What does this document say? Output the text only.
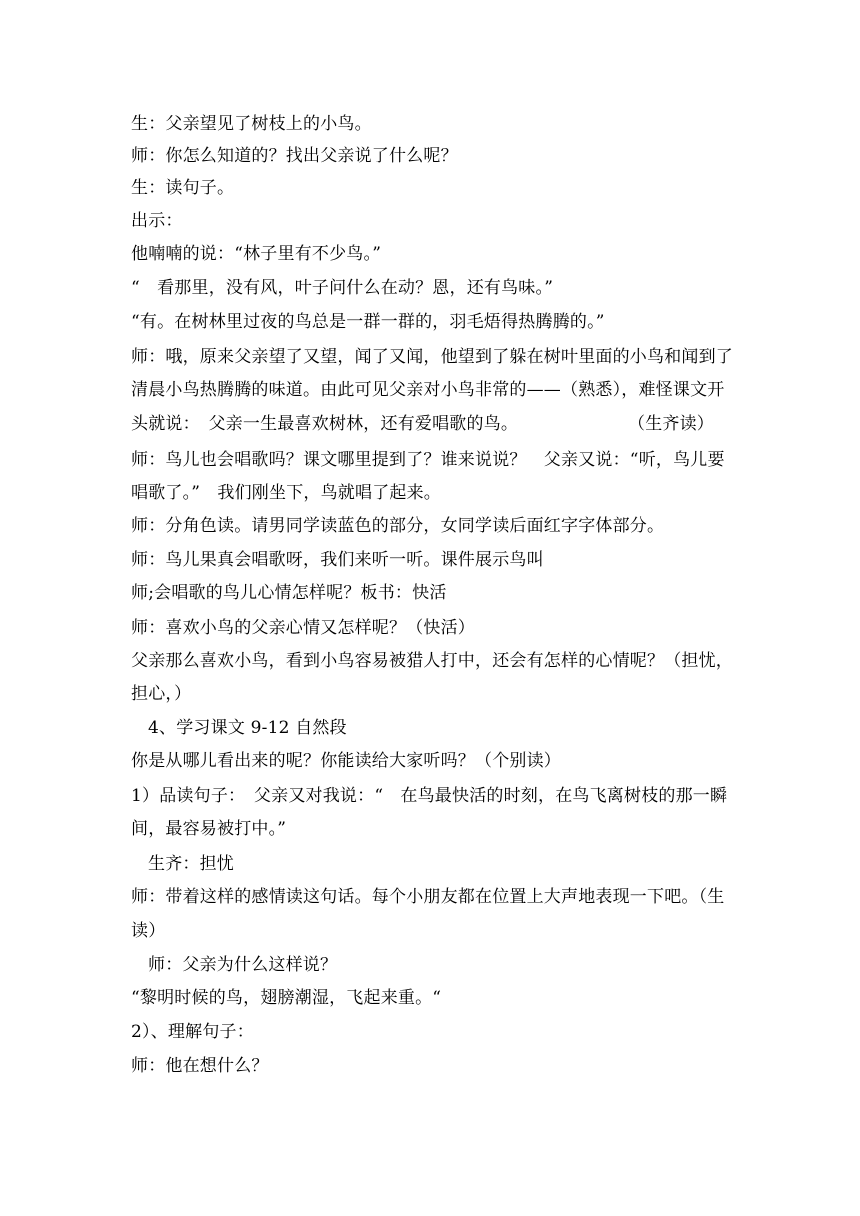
生：父亲望见了树枝上的小鸟。
师：你怎么知道的？找出父亲说了什么呢？
生：读句子。
出示：
他喃喃的说：“林子里有不少鸟。”
“　看那里，没有风，叶子问什么在动？恩，还有鸟味。”
“有。在树林里过夜的鸟总是一群一群的，羽毛焐得热腾腾的。”
师：哦，原来父亲望了又望，闻了又闻，他望到了躲在树叶里面的小鸟和闻到了
清晨小鸟热腾腾的味道。由此可见父亲对小鸟非常的——（熟悉），难怪课文开
头就说：　父亲一生最喜欢树林，还有爱唱歌的鸟。	（生齐读）
师：鸟儿也会唱歌吗？课文哪里提到了？谁来说说？　父亲又说：“听，鸟儿要
唱歌了。”　我们刚坐下，鸟就唱了起来。
师：分角色读。请男同学读蓝色的部分，女同学读后面红字字体部分。
师：鸟儿果真会唱歌呀，我们来听一听。课件展示鸟叫
师;会唱歌的鸟儿心情怎样呢？板书：快活
师：喜欢小鸟的父亲心情又怎样呢？（快活）
父亲那么喜欢小鸟，看到小鸟容易被猎人打中，还会有怎样的心情呢？（担忧，
担心，）
4、学习课文 9-12 自然段
你是从哪儿看出来的呢？你能读给大家听吗？（个别读）
1）品读句子：　父亲又对我说：“　在鸟最快活的时刻，在鸟飞离树枝的那一瞬
间，最容易被打中。”
生齐：担忧
师：带着这样的感情读这句话。每个小朋友都在位置上大声地表现一下吧。（生
读）
师：父亲为什么这样说？
“黎明时候的鸟，翅膀潮湿，飞起来重。“
2）、理解句子：
师：他在想什么？
